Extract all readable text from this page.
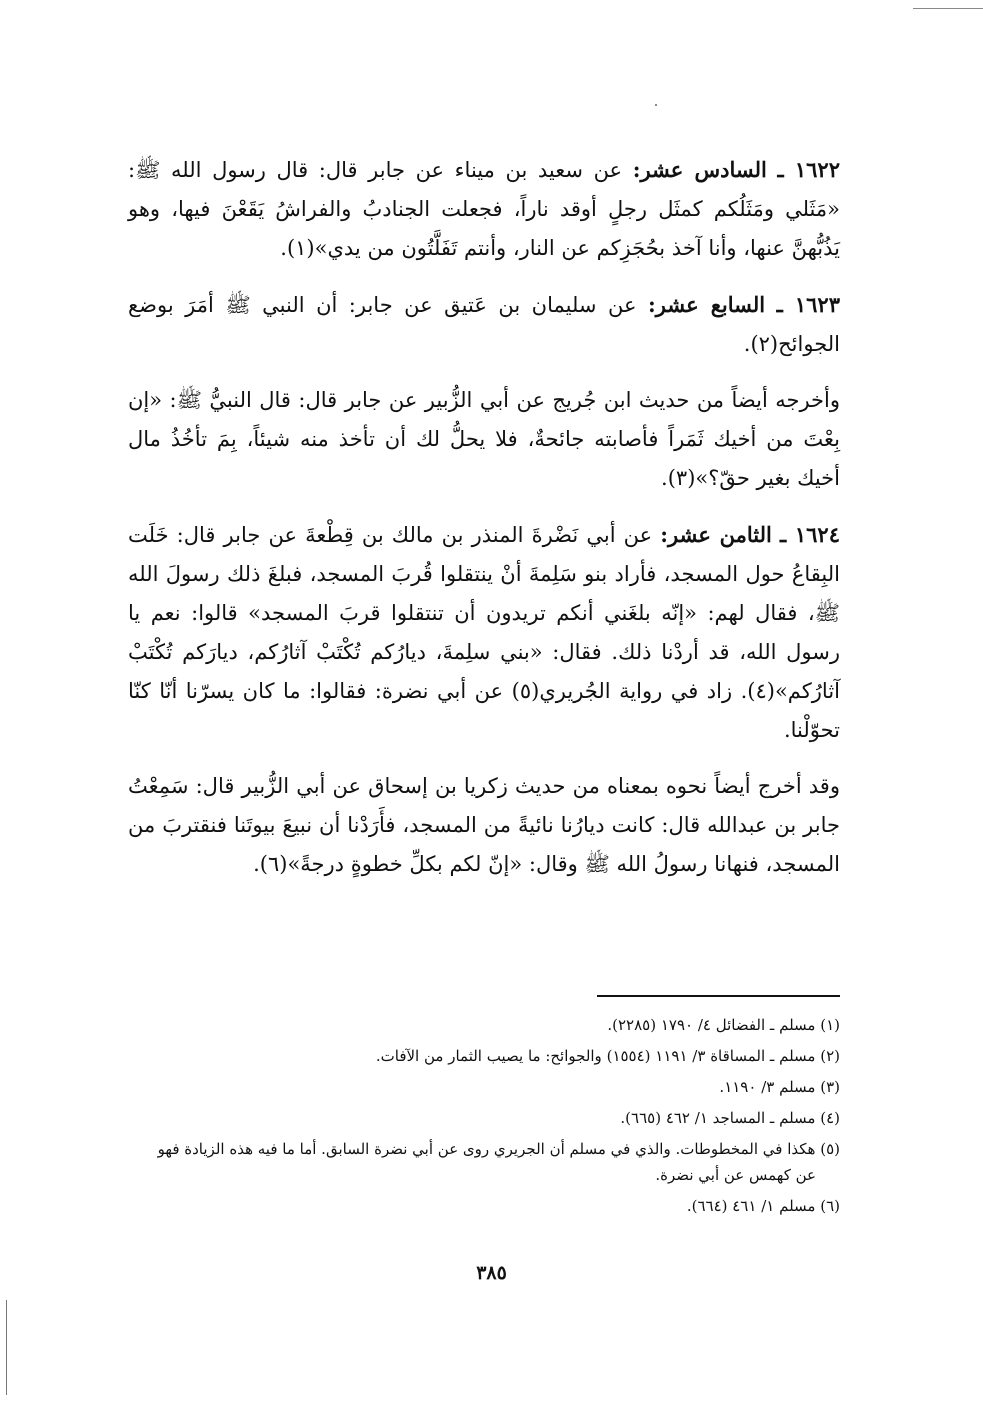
١٦٢٢ ـ السادس عشر: عن سعيد بن ميناء عن جابر قال: قال رسول الله ﷺ: «مَثَلي ومَثَلُكم كمثَل رجلٍ أوقد ناراً، فجعلت الجنادبُ والفراشُ يَقَعْنَ فيها، وهو يَذُبُّهنَّ عنها، وأنا آخذ بحُجَزِكم عن النار، وأنتم تَفَلَّتُون من يدي»(١).

١٦٢٣ ـ السابع عشر: عن سليمان بن عَتيق عن جابر: أن النبي ﷺ أمَرَ بوضع الجوائح(٢).

وأخرجه أيضاً من حديث ابن جُريج عن أبي الزُّبير عن جابر قال: قال النبيُّ ﷺ: «إن بِعْتَ من أخيك ثَمَراً فأصابته جائحةٌ، فلا يحلُّ لك أن تأخذ منه شيئاً، بِمَ تأخُذُ مال أخيك بغير حقّ؟»(٣).

١٦٢٤ ـ الثامن عشر: عن أبي نَضْرةَ المنذر بن مالك بن قِطْعةَ عن جابر قال: خَلَت البِقاعُ حول المسجد، فأراد بنو سَلِمةَ أنْ ينتقلوا قُربَ المسجد، فبلغَ ذلك رسولَ الله ﷺ، فقال لهم: «إنّه بلغَني أنكم تريدون أن تنتقلوا قربَ المسجد» قالوا: نعم يا رسول الله، قد أردْنا ذلك. فقال: «بني سلِمةَ، ديارُكم تُكْتَبْ آثارُكم، ديارَكم تُكْتَبْ آثارُكم»(٤). زاد في رواية الجُريري(٥) عن أبي نضرة: فقالوا: ما كان يسرّنا أنّا كنّا تحوّلْنا.

وقد أخرج أيضاً نحوه بمعناه من حديث زكريا بن إسحاق عن أبي الزُّبير قال: سَمِعْتُ جابر بن عبدالله قال: كانت ديارُنا نائيةً من المسجد، فأَرَدْنا أن نبيعَ بيوتَنا فنقتربَ من المسجد، فنهانا رسولُ الله ﷺ وقال: «إنّ لكم بكلِّ خطوةٍ درجةً»(٦).

(١) مسلم ـ الفضائل ٤/ ١٧٩٠ (٢٢٨٥).
(٢) مسلم ـ المساقاة ٣/ ١١٩١ (١٥٥٤) والجوائح: ما يصيب الثمار من الآفات.
(٣) مسلم ٣/ ١١٩٠.
(٤) مسلم ـ المساجد ١/ ٤٦٢ (٦٦٥).
(٥) هكذا في المخطوطات. والذي في مسلم أن الجريري روى عن أبي نضرة السابق. أما ما فيه هذه الزيادة فهو
عن كهمس عن أبي نضرة.
(٦) مسلم ١/ ٤٦١ (٦٦٤).
٣٨٥
